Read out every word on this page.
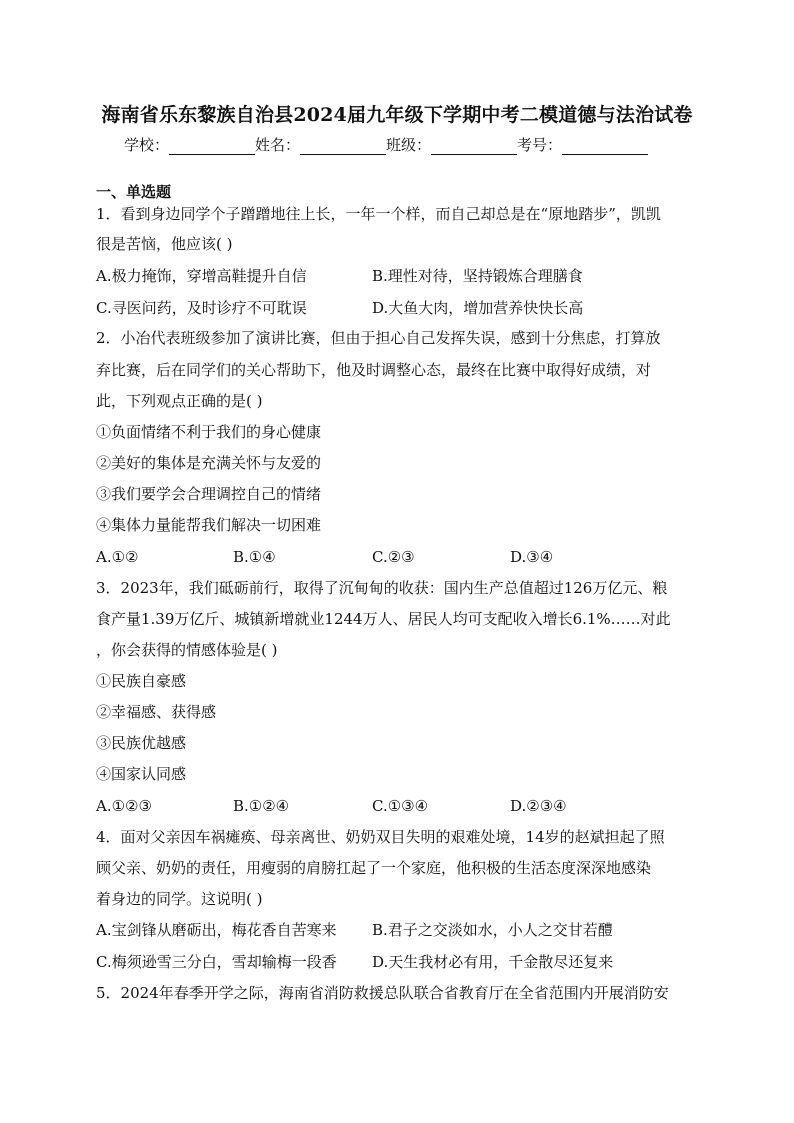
海南省乐东黎族自治县2024届九年级下学期中考二模道德与法治试卷
学校：	姓名：	班级：	考号：
一、单选题
1．看到身边同学个子蹭蹭地往上长，一年一个样，而自己却总是在“原地踏步”，凯凯
很是苦恼，他应该( )
A.极力掩饰，穿增高鞋提升自信	B.理性对待，坚持锻炼合理膳食
C.寻医问药，及时诊疗不可耽误	D.大鱼大肉，增加营养快快长高
2．小冶代表班级参加了演讲比赛，但由于担心自己发挥失误，感到十分焦虑，打算放
弃比赛，后在同学们的关心帮助下，他及时调整心态，最终在比赛中取得好成绩，对
此，下列观点正确的是( )
①负面情绪不利于我们的身心健康
②美好的集体是充满关怀与友爱的
③我们要学会合理调控自己的情绪
④集体力量能帮我们解决一切困难
A.①②	B.①④	C.②③	D.③④
3．2023年，我们砥砺前行，取得了沉甸甸的收获：国内生产总值超过126万亿元、粮
食产量1.39万亿斤、城镇新增就业1244万人、居民人均可支配收入增长6.1%……对此
，你会获得的情感体验是( )
①民族自豪感
②幸福感、获得感
③民族优越感
④国家认同感
A.①②③	B.①②④	C.①③④	D.②③④
4．面对父亲因车祸瘫痪、母亲离世、奶奶双目失明的艰难处境，14岁的赵斌担起了照
顾父亲、奶奶的责任，用瘦弱的肩膀扛起了一个家庭，他积极的生活态度深深地感染
着身边的同学。这说明( )
A.宝剑锋从磨砺出，梅花香自苦寒来 B.君子之交淡如水，小人之交甘若醴
C.梅须逊雪三分白，雪却输梅一段香 D.天生我材必有用，千金散尽还复来
5．2024年春季开学之际，海南省消防救援总队联合省教育厅在全省范围内开展消防安
